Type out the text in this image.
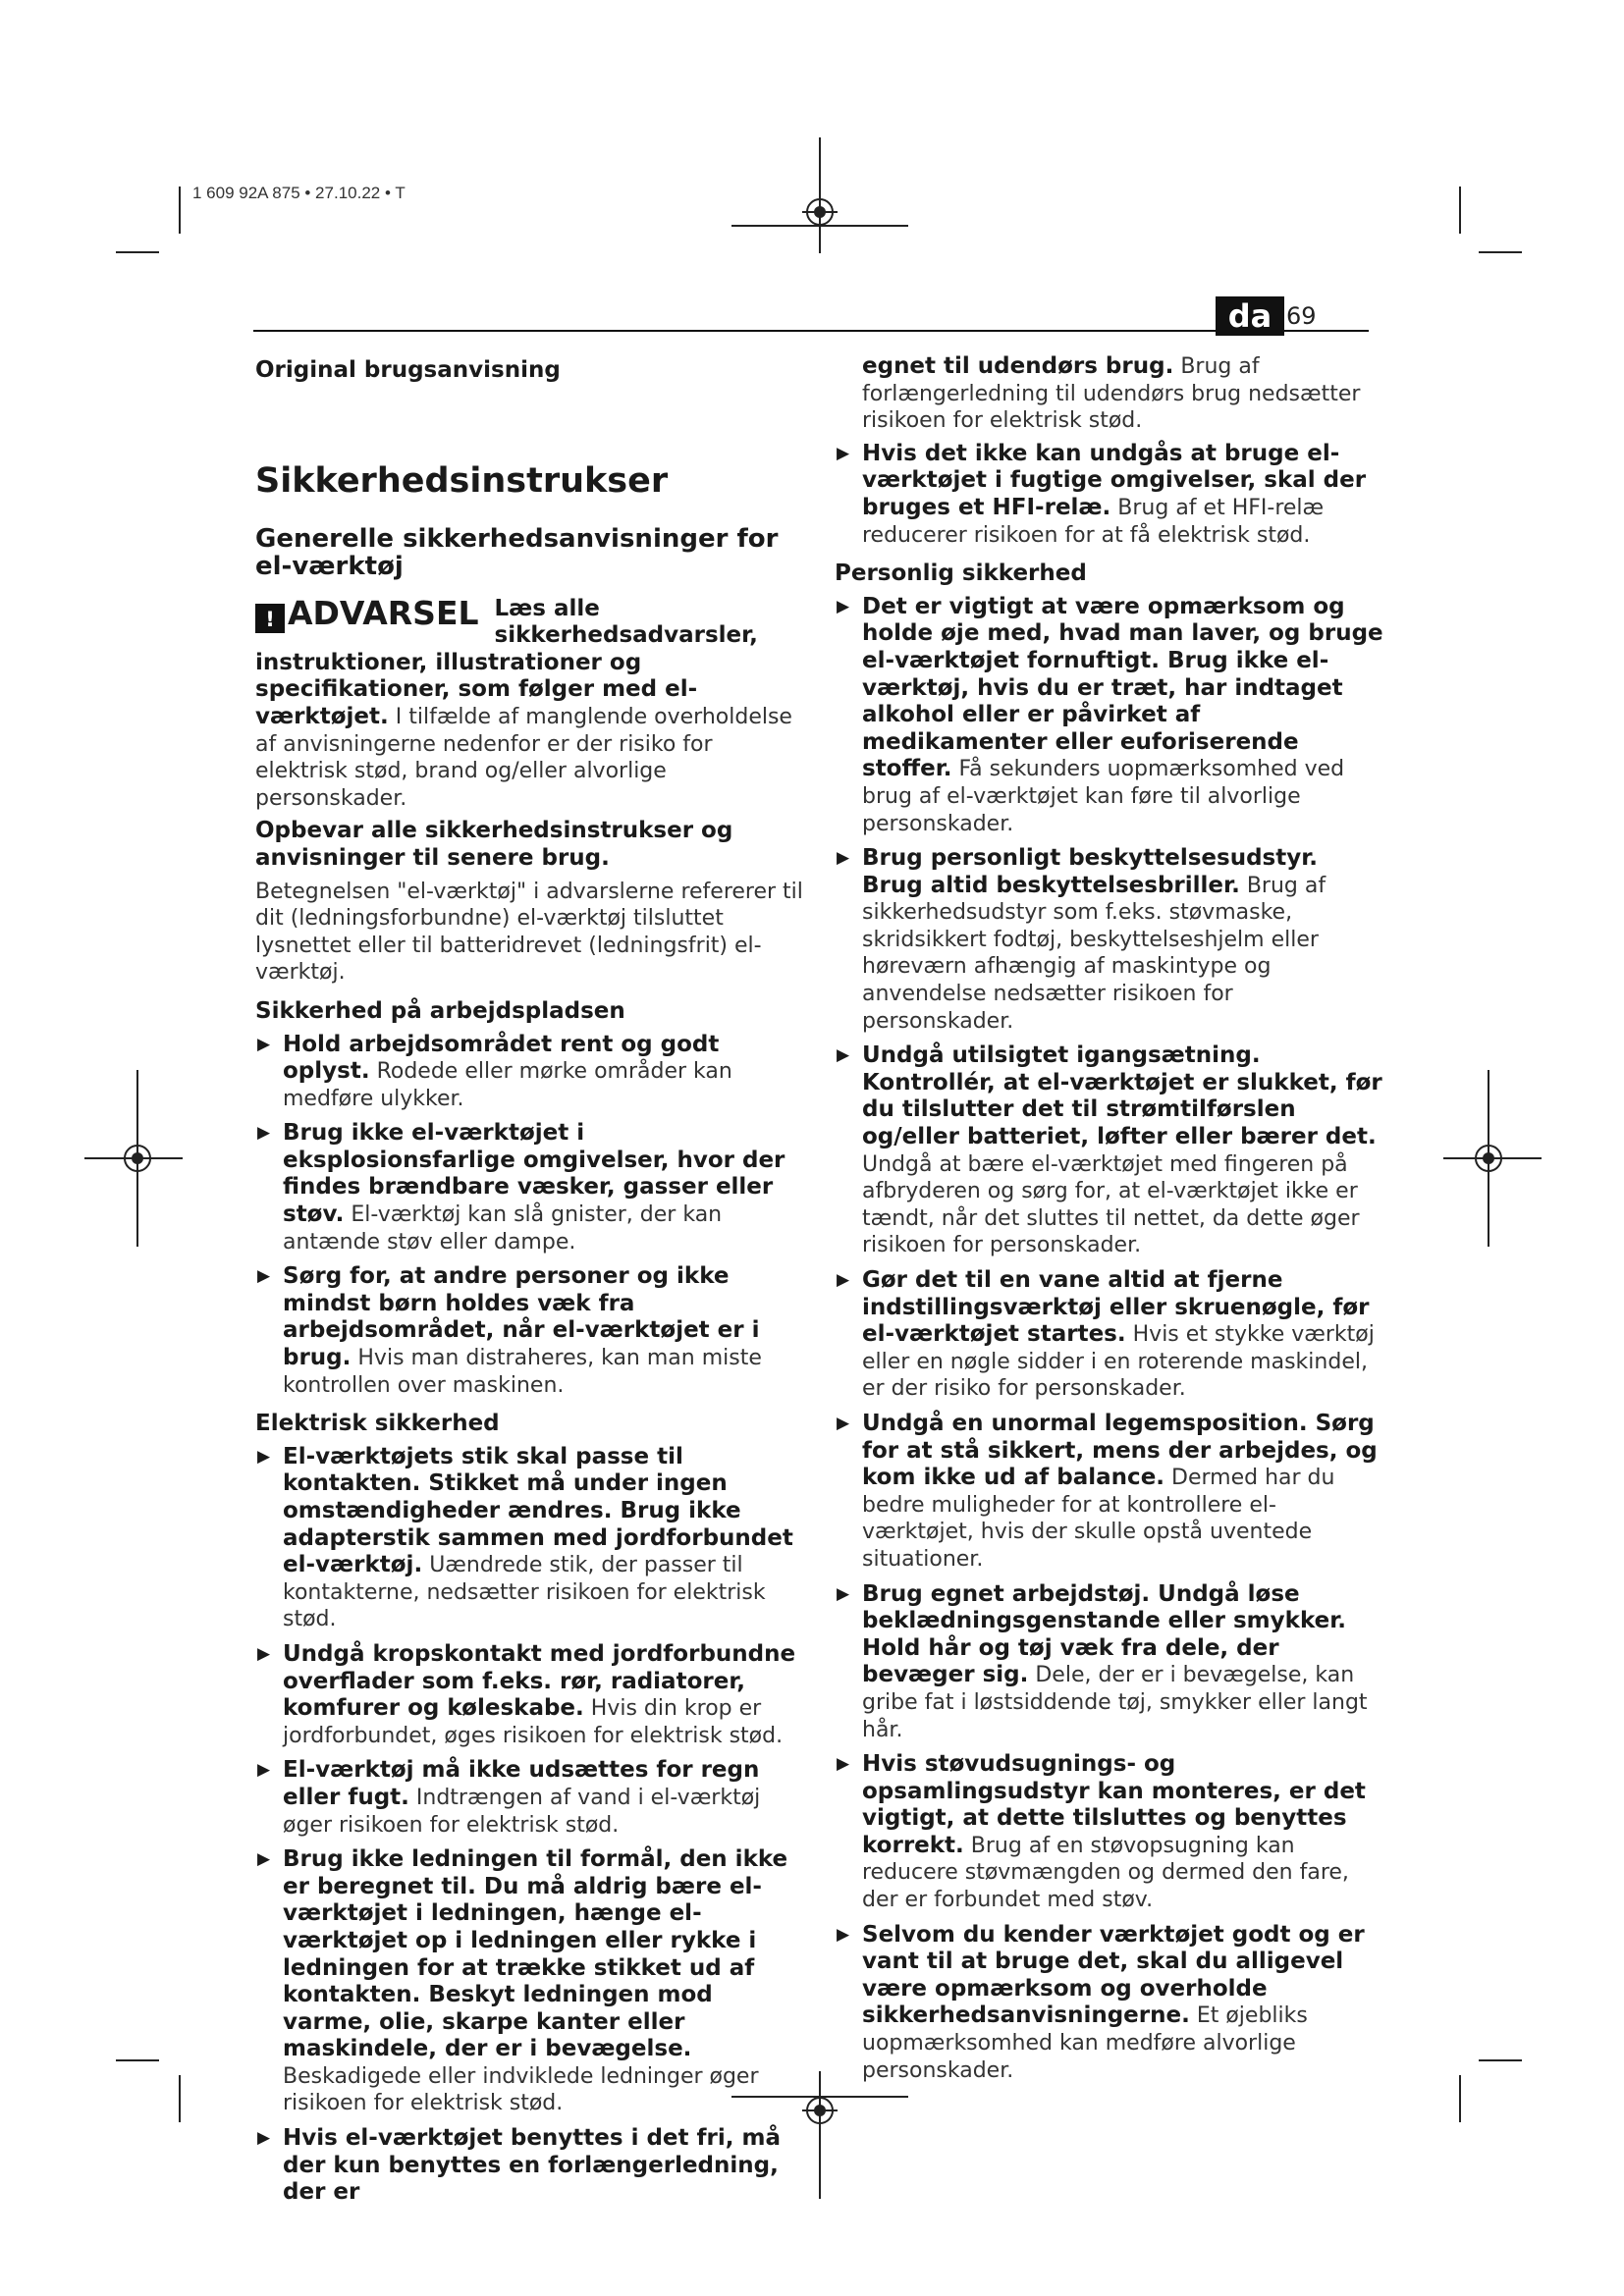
1 609 92A 875 • 27.10.22 • T
da 69

Original brugsanvisning

Sikkerhedsinstrukser
Generelle sikkerhedsanvisninger for el-værktøj
! ADVARSEL Læs alle sikkerhedsadvarsler, instruktioner, illustrationer og specifikationer, som følger med el-værktøjet. I tilfælde af manglende overholdelse af anvisningerne nedenfor er der risiko for elektrisk stød, brand og/eller alvorlige personskader.

Opbevar alle sikkerhedsinstrukser og anvisninger til senere brug.

Betegnelsen "el-værktøj" i advarslerne refererer til dit (ledningsforbundne) el-værktøj tilsluttet lysnettet eller til batteridrevet (ledningsfrit) el-værktøj.

Sikkerhed på arbejdspladsen
▶ Hold arbejdsområdet rent og godt oplyst. Rodede eller mørke områder kan medføre ulykker.
▶ Brug ikke el-værktøjet i eksplosionsfarlige omgivelser, hvor der findes brændbare væsker, gasser eller støv. El-værktøj kan slå gnister, der kan antænde støv eller dampe.
▶ Sørg for, at andre personer og ikke mindst børn holdes væk fra arbejdsområdet, når el-værktøjet er i brug. Hvis man distraheres, kan man miste kontrollen over maskinen.
Elektrisk sikkerhed
▶ El-værktøjets stik skal passe til kontakten. Stikket må under ingen omstændigheder ændres. Brug ikke adapterstik sammen med jordforbundet el-værktøj. Uændrede stik, der passer til kontakterne, nedsætter risikoen for elektrisk stød.
▶ Undgå kropskontakt med jordforbundne overflader som f.eks. rør, radiatorer, komfurer og køleskabe. Hvis din krop er jordforbundet, øges risikoen for elektrisk stød.
▶ El-værktøj må ikke udsættes for regn eller fugt. Indtrængen af vand i el-værktøj øger risikoen for elektrisk stød.
▶ Brug ikke ledningen til formål, den ikke er beregnet til. Du må aldrig bære el-værktøjet i ledningen, hænge el-værktøjet op i ledningen eller rykke i ledningen for at trække stikket ud af kontakten. Beskyt ledningen mod varme, olie, skarpe kanter eller maskindele, der er i bevægelse. Beskadigede eller indviklede ledninger øger risikoen for elektrisk stød.
▶ Hvis el-værktøjet benyttes i det fri, må der kun benyttes en forlængerledning, der er
egnet til udendørs brug. Brug af forlængerledning til udendørs brug nedsætter risikoen for elektrisk stød.
▶ Hvis det ikke kan undgås at bruge el-værktøjet i fugtige omgivelser, skal der bruges et HFI-relæ. Brug af et HFI-relæ reducerer risikoen for at få elektrisk stød.
Personlig sikkerhed
▶ Det er vigtigt at være opmærksom og holde øje med, hvad man laver, og bruge el-værktøjet fornuftigt. Brug ikke el-værktøj, hvis du er træt, har indtaget alkohol eller er påvirket af medikamenter eller euforiserende stoffer. Få sekunders uopmærksomhed ved brug af el-værktøjet kan føre til alvorlige personskader.
▶ Brug personligt beskyttelsesudstyr. Brug altid beskyttelsesbriller. Brug af sikkerhedsudstyr som f.eks. støvmaske, skridsikkert fodtøj, beskyttelseshjelm eller høreværn afhængig af maskintype og anvendelse nedsætter risikoen for personskader.
▶ Undgå utilsigtet igangsætning. Kontrollér, at el-værktøjet er slukket, før du tilslutter det til strømtilførslen og/eller batteriet, løfter eller bærer det. Undgå at bære el-værktøjet med fingeren på afbryderen og sørg for, at el-værktøjet ikke er tændt, når det sluttes til nettet, da dette øger risikoen for personskader.
▶ Gør det til en vane altid at fjerne indstillingsværktøj eller skruenøgle, før el-værktøjet startes. Hvis et stykke værktøj eller en nøgle sidder i en roterende maskindel, er der risiko for personskader.
▶ Undgå en unormal legemsposition. Sørg for at stå sikkert, mens der arbejdes, og kom ikke ud af balance. Dermed har du bedre muligheder for at kontrollere el-værktøjet, hvis der skulle opstå uventede situationer.
▶ Brug egnet arbejdstøj. Undgå løse beklædningsgenstande eller smykker. Hold hår og tøj væk fra dele, der bevæger sig. Dele, der er i bevægelse, kan gribe fat i løstsiddende tøj, smykker eller langt hår.
▶ Hvis støvudsugnings- og opsamlingsudstyr kan monteres, er det vigtigt, at dette tilsluttes og benyttes korrekt. Brug af en støvopsugning kan reducere støvmængden og dermed den fare, der er forbundet med støv.
▶ Selvom du kender værktøjet godt og er vant til at bruge det, skal du alligevel være opmærksom og overholde sikkerhedsanvisningerne. Et øjebliks uopmærksomhed kan medføre alvorlige personskader.
